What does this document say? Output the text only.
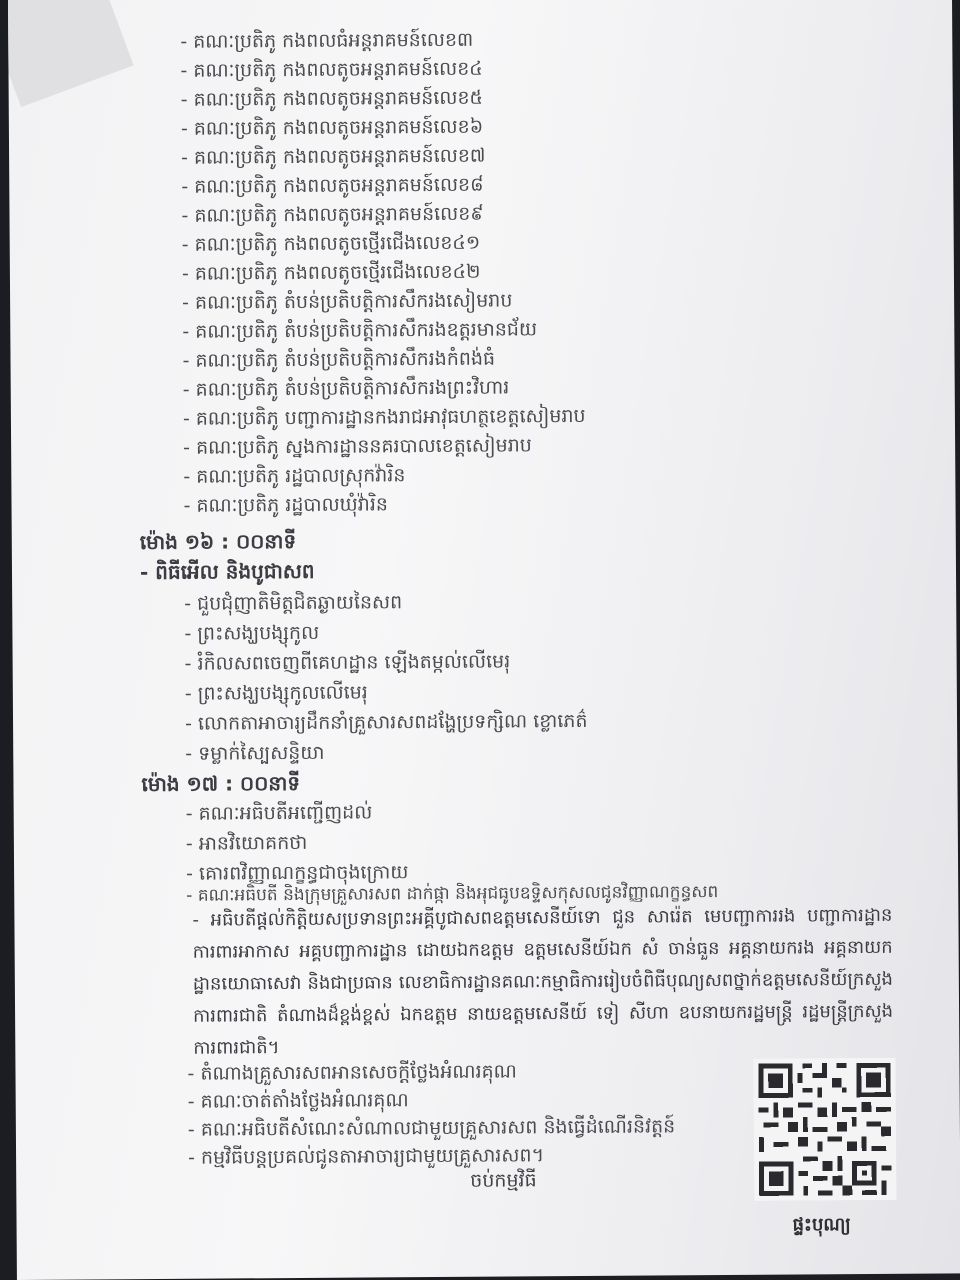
- គណៈប្រតិភូ កងពលធំអន្តរាគមន៍លេខ៣
- គណៈប្រតិភូ កងពលតូចអន្តរាគមន៍លេខ៤
- គណៈប្រតិភូ កងពលតូចអន្តរាគមន៍លេខ៥
- គណៈប្រតិភូ កងពលតូចអន្តរាគមន៍លេខ៦
- គណៈប្រតិភូ កងពលតូចអន្តរាគមន៍លេខ៧
- គណៈប្រតិភូ កងពលតូចអន្តរាគមន៍លេខ៨
- គណៈប្រតិភូ កងពលតូចអន្តរាគមន៍លេខ៩
- គណៈប្រតិភូ កងពលតូចថ្មើរជើងលេខ៤១
- គណៈប្រតិភូ កងពលតូចថ្មើរជើងលេខ៤២
- គណៈប្រតិភូ តំបន់ប្រតិបត្តិការសឹករងសៀមរាប
- គណៈប្រតិភូ តំបន់ប្រតិបត្តិការសឹករងឧត្តរមានជ័យ
- គណៈប្រតិភូ តំបន់ប្រតិបត្តិការសឹករងកំពង់ធំ
- គណៈប្រតិភូ តំបន់ប្រតិបត្តិការសឹករងព្រះវិហារ
- គណៈប្រតិភូ បញ្ជាការដ្ឋានកងរាជអាវុធហត្ថខេត្តសៀមរាប
- គណៈប្រតិភូ ស្នងការដ្ឋាននគរបាលខេត្តសៀមរាប
- គណៈប្រតិភូ រដ្ឋបាលស្រុកវ៉ារិន
- គណៈប្រតិភូ រដ្ឋបាលឃុំវ៉ារិន
ម៉ោង ១៦ : ០០នាទី
- ពិធីអើល និងបូជាសព
- ជួបជុំញាតិមិត្តជិតឆ្ងាយនៃសព
- ព្រះសង្ឃបង្សុកូល
- រំកិលសពចេញពីគេហដ្ឋាន ឡើងតម្កល់លើមេរុ
- ព្រះសង្ឃបង្សុកូលលើមេរុ
- លោកតាអាចារ្យដឹកនាំគ្រួសារសពដង្ហែប្រទក្សិណ ខ្លោភេត៌
- ទម្លាក់ស្បៃសន្ទិយា
ម៉ោង ១៧ : ០០នាទី
- គណៈអធិបតីអញ្ជើញដល់
- អានវិយោគកថា
- គោរពវិញ្ញាណក្ខន្ធជាចុងក្រោយ
- គណៈអធិបតី និងក្រុមគ្រួសារសព ដាក់ផ្កា និងអុជធូបឧទ្ទិសកុសលជូនវិញ្ញាណក្ខន្ធសព
- អធិបតីផ្ដល់កិត្តិយសប្រទានព្រះអគ្គីបូជាសពឧត្តមសេនីយ៍ទោ ជួន សារ៉េត មេបញ្ជាការរង បញ្ជាការដ្ឋានការពារអាកាស អគ្គបញ្ជាការដ្ឋាន ដោយឯកឧត្តម ឧត្តមសេនីយ៍ឯក សំ ចាន់ធួន អគ្គនាយករង អគ្គនាយកដ្ឋានយោធាសេវា និងជាប្រធាន លេខាធិការដ្ឋានគណៈកម្មាធិការរៀបចំពិធីបុណ្យសពថ្នាក់ឧត្តមសេនីយ៍ក្រសួងការពារជាតិ តំណាងដ៏ខ្ពង់ខ្ពស់ ឯកឧត្តម នាយឧត្តមសេនីយ៍ ទៀ សីហា ឧបនាយករដ្ឋមន្ត្រី រដ្ឋមន្ត្រីក្រសួងការពារជាតិ។
- តំណាងគ្រួសារសពអានសេចក្ដីថ្លែងអំណរគុណ
- គណៈចាត់តាំងថ្លែងអំណរគុណ
- គណៈអធិបតីសំណេះសំណាលជាមួយគ្រួសារសព និងធ្វើដំណើរនិវត្តន៍
- កម្មវិធីបន្តប្រគល់ជូនតាអាចារ្យជាមួយគ្រួសារសព។
ចប់កម្មវិធី
ផ្ទះបុណ្យ
